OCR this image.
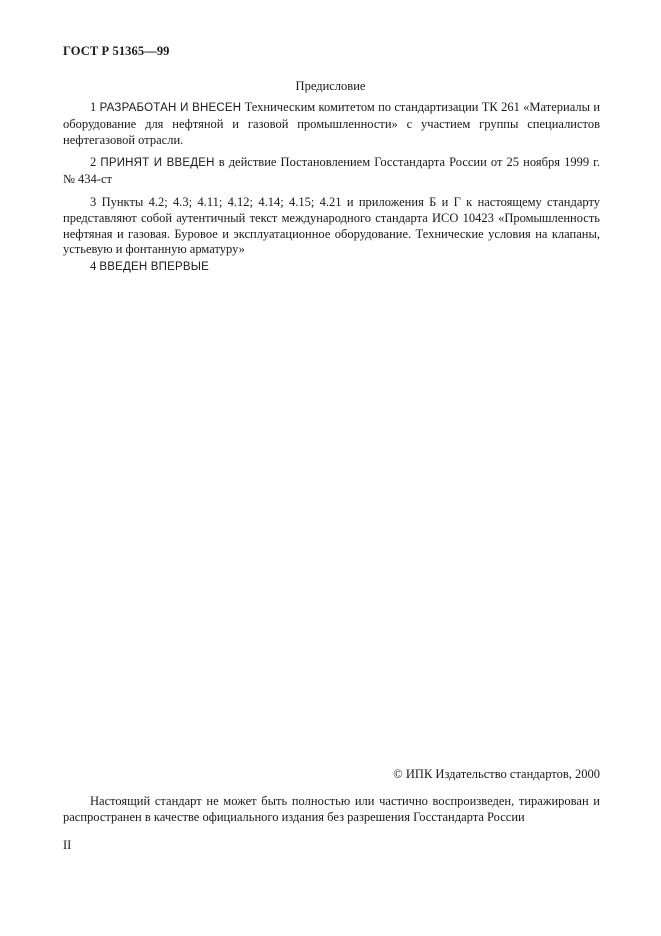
ГОСТ Р 51365—99
Предисловие
1 РАЗРАБОТАН И ВНЕСЕН Техническим комитетом по стандартизации ТК 261 «Материалы и оборудование для нефтяной и газовой промышленности» с участием группы специалистов нефтегазовой отрасли.
2 ПРИНЯТ И ВВЕДЕН в действие Постановлением Госстандарта России от 25 ноября 1999 г. № 434-ст
3 Пункты 4.2; 4.3; 4.11; 4.12; 4.14; 4.15; 4.21 и приложения Б и Г к настоящему стандарту представляют собой аутентичный текст международного стандарта ИСО 10423 «Промышленность нефтяная и газовая. Буровое и эксплуатационное оборудование. Технические условия на клапаны, устьевую и фонтанную арматуру»
4 ВВЕДЕН ВПЕРВЫЕ
© ИПК Издательство стандартов, 2000
Настоящий стандарт не может быть полностью или частично воспроизведен, тиражирован и распространен в качестве официального издания без разрешения Госстандарта России
II
